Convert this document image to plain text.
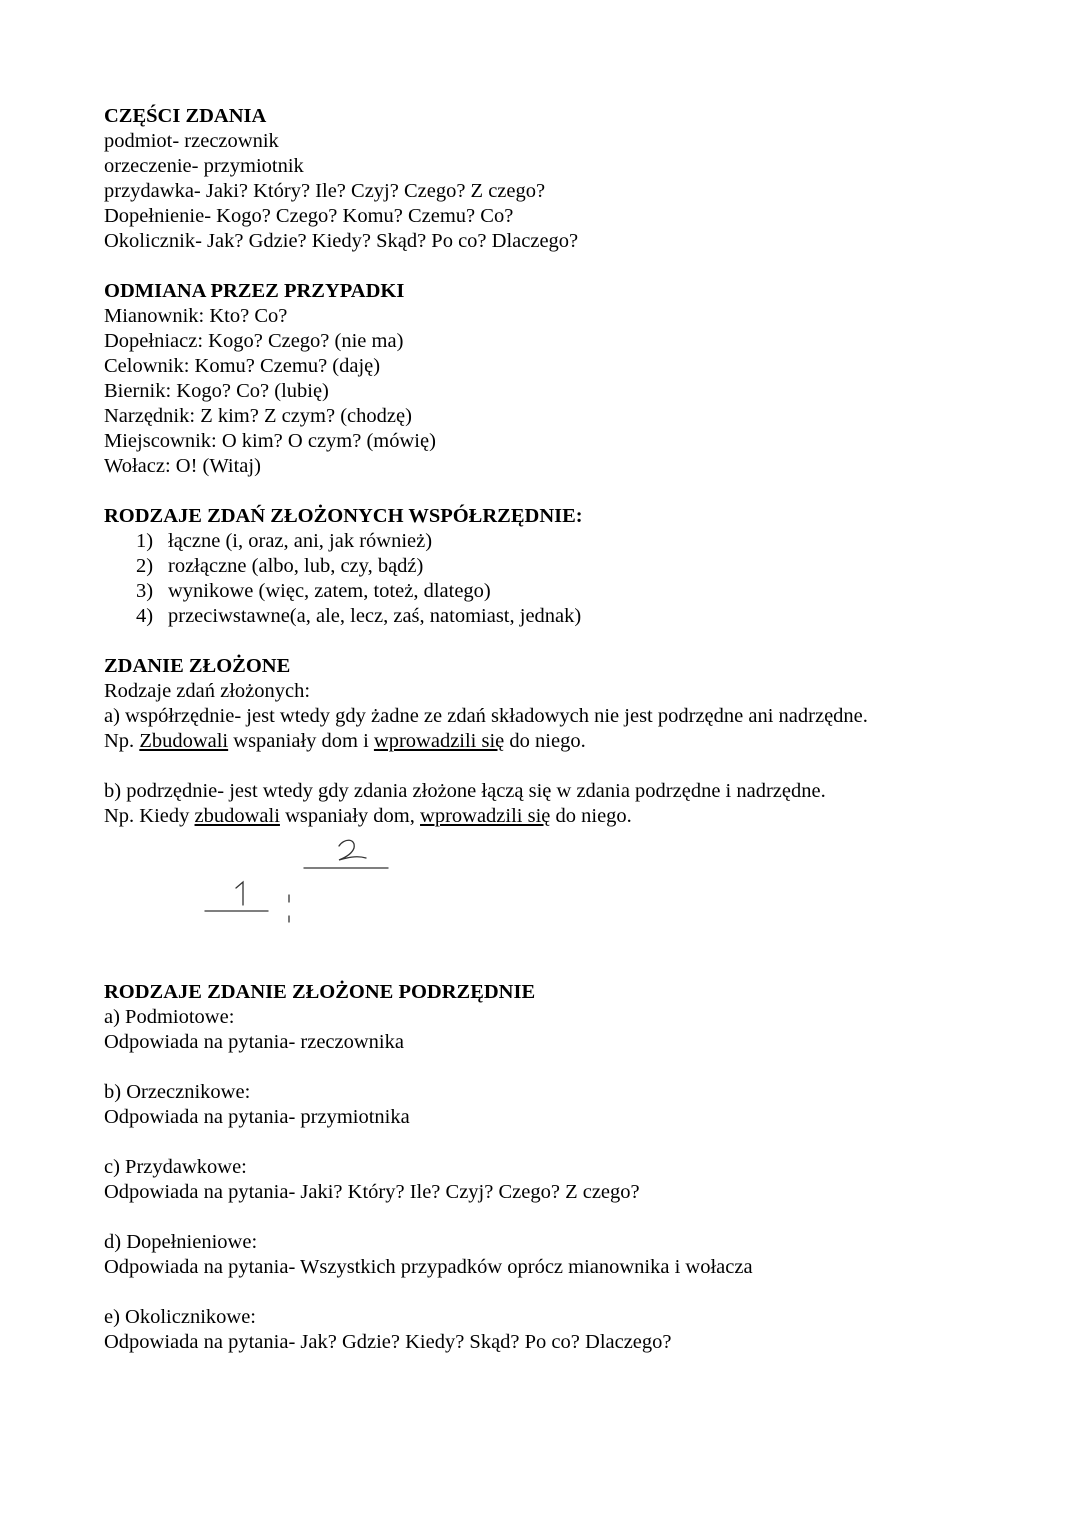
CZĘŚCI ZDANIA
podmiot- rzeczownik
orzeczenie- przymiotnik
przydawka- Jaki? Który? Ile? Czyj? Czego? Z czego?
Dopełnienie- Kogo? Czego? Komu? Czemu? Co?
Okolicznik- Jak? Gdzie? Kiedy? Skąd? Po co? Dlaczego?
ODMIANA PRZEZ PRZYPADKI
Mianownik: Kto? Co?
Dopełniacz: Kogo? Czego? (nie ma)
Celownik: Komu? Czemu? (daję)
Biernik: Kogo? Co? (lubię)
Narzędnik: Z kim? Z czym? (chodzę)
Miejscownik: O kim? O czym? (mówię)
Wołacz: O! (Witaj)
RODZAJE ZDAŃ ZŁOŻONYCH WSPÓŁRZĘDNIE:
1) łączne (i, oraz, ani, jak również)
2) rozłączne (albo, lub, czy, bądź)
3) wynikowe (więc, zatem, toteż, dlatego)
4) przeciwstawne(a, ale, lecz, zaś, natomiast, jednak)
ZDANIE ZŁOŻONE
Rodzaje zdań złożonych:
a) współrzędnie- jest wtedy gdy żadne ze zdań składowych nie jest podrzędne ani nadrzędne.
Np. Zbudowali wspaniały dom i wprowadzili się do niego.
b) podrzędnie- jest wtedy gdy zdania złożone łączą się w zdania podrzędne i nadrzędne.
Np. Kiedy zbudowali wspaniały dom, wprowadzili się do niego.
RODZAJE ZDANIE ZŁOŻONE PODRZĘDNIE
a) Podmiotowe:
Odpowiada na pytania- rzeczownika
b) Orzecznikowe:
Odpowiada na pytania- przymiotnika
c) Przydawkowe:
Odpowiada na pytania- Jaki? Który? Ile? Czyj? Czego? Z czego?
d) Dopełnieniowe:
Odpowiada na pytania- Wszystkich przypadków oprócz mianownika i wołacza
e) Okolicznikowe:
Odpowiada na pytania- Jak? Gdzie? Kiedy? Skąd? Po co? Dlaczego?
